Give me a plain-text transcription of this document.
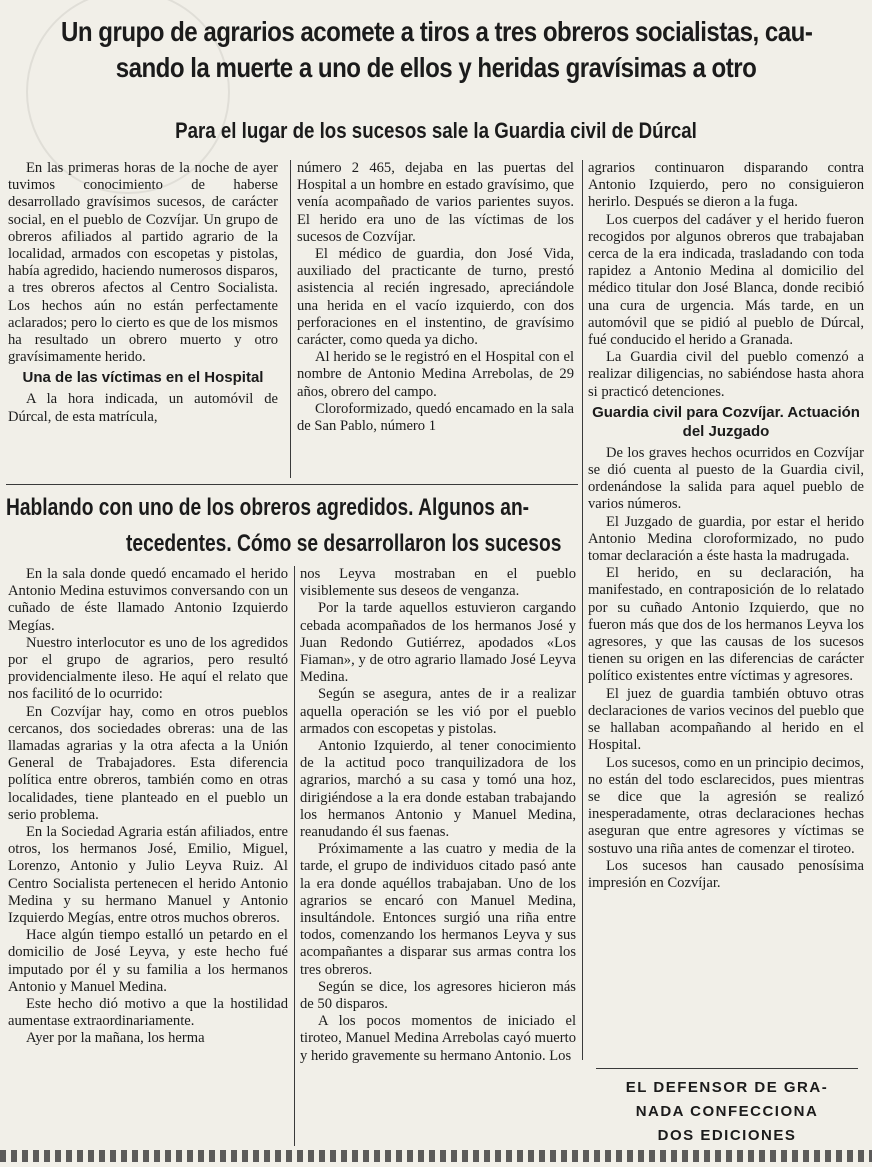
Un grupo de agrarios acomete a tiros a tres obreros socialistas, cau-
sando la muerte a uno de ellos y heridas gravísimas a otro
Para el lugar de los sucesos sale la Guardia civil de Dúrcal

En las primeras horas de la noche de ayer tuvimos conocimiento de haberse desarrollado gravísimos sucesos, de carácter social, en el pueblo de Cozvíjar. Un grupo de obreros afiliados al partido agrario de la localidad, armados con escopetas y pistolas, había agredido, haciendo numerosos disparos, a tres obreros afectos al Centro Socialista. Los hechos aún no están perfectamente aclarados; pero lo cierto es que de los mismos ha resultado un obrero muerto y otro gravísimamente herido.

Una de las víctimas en el Hospital

A la hora indicada, un automóvil de Dúrcal, de esta matrícula,

número 2 465, dejaba en las puertas del Hospital a un hombre en estado gravísimo, que venía acompañado de varios parientes suyos. El herido era uno de las víctimas de los sucesos de Cozvíjar.

El médico de guardia, don José Vida, auxiliado del practicante de turno, prestó asistencia al recién ingresado, apreciándole una herida en el vacío izquierdo, con dos perforaciones en el instentino, de gravísimo carácter, como queda ya dicho.

Al herido se le registró en el Hospital con el nombre de Antonio Medina Arrebolas, de 29 años, obrero del campo.

Cloroformizado, quedó encamado en la sala de San Pablo, número 1

agrarios continuaron disparando contra Antonio Izquierdo, pero no consiguieron herirlo. Después se dieron a la fuga.

Los cuerpos del cadáver y el herido fueron recogidos por algunos obreros que trabajaban cerca de la era indicada, trasladando con toda rapidez a Antonio Medina al domicilio del médico titular don José Blanca, donde recibió una cura de urgencia. Más tarde, en un automóvil que se pidió al pueblo de Dúrcal, fué conducido el herido a Granada.

La Guardia civil del pueblo comenzó a realizar diligencias, no sabiéndose hasta ahora si practicó detenciones.

Guardia civil para Cozvíjar. Actuación del Juzgado

De los graves hechos ocurridos en Cozvíjar se dió cuenta al puesto de la Guardia civil, ordenándose la salida para aquel pueblo de varios números.

El Juzgado de guardia, por estar el herido Antonio Medina cloroformizado, no pudo tomar declaración a éste hasta la madrugada.

El herido, en su declaración, ha manifestado, en contraposición de lo relatado por su cuñado Antonio Izquierdo, que no fueron más que dos de los hermanos Leyva los agresores, y que las causas de los sucesos tienen su origen en las diferencias de carácter político existentes entre víctimas y agresores.

El juez de guardia también obtuvo otras declaraciones de varios vecinos del pueblo que se hallaban acompañando al herido en el Hospital.

Los sucesos, como en un principio decimos, no están del todo esclarecidos, pues mientras se dice que la agresión se realizó inesperadamente, otras declaraciones hechas aseguran que entre agresores y víctimas se sostuvo una riña antes de comenzar el tiroteo.

Los sucesos han causado penosísima impresión en Cozvíjar.

Hablando con uno de los obreros agredidos. Algunos an-
tecedentes. Cómo se desarrollaron los sucesos

En la sala donde quedó encamado el herido Antonio Medina estuvimos conversando con un cuñado de éste llamado Antonio Izquierdo Megías.

Nuestro interlocutor es uno de los agredidos por el grupo de agrarios, pero resultó providencialmente ileso. He aquí el relato que nos facilitó de lo ocurrido:

En Cozvíjar hay, como en otros pueblos cercanos, dos sociedades obreras: una de las llamadas agrarias y la otra afecta a la Unión General de Trabajadores. Esta diferencia política entre obreros, también como en otras localidades, tiene planteado en el pueblo un serio problema.

En la Sociedad Agraria están afiliados, entre otros, los hermanos José, Emilio, Miguel, Lorenzo, Antonio y Julio Leyva Ruiz. Al Centro Socialista pertenecen el herido Antonio Medina y su hermano Manuel y Antonio Izquierdo Megías, entre otros muchos obreros.

Hace algún tiempo estalló un petardo en el domicilio de José Leyva, y este hecho fué imputado por él y su familia a los hermanos Antonio y Manuel Medina.

Este hecho dió motivo a que la hostilidad aumentase extraordinariamente.

Ayer por la mañana, los herma

nos Leyva mostraban en el pueblo visiblemente sus deseos de venganza.

Por la tarde aquellos estuvieron cargando cebada acompañados de los hermanos José y Juan Redondo Gutiérrez, apodados «Los Fiaman», y de otro agrario llamado José Leyva Medina.

Según se asegura, antes de ir a realizar aquella operación se les vió por el pueblo armados con escopetas y pistolas.

Antonio Izquierdo, al tener conocimiento de la actitud poco tranquilizadora de los agrarios, marchó a su casa y tomó una hoz, dirigiéndose a la era donde estaban trabajando los hermanos Antonio y Manuel Medina, reanudando él sus faenas.

Próximamente a las cuatro y media de la tarde, el grupo de individuos citado pasó ante la era donde aquéllos trabajaban. Uno de los agrarios se encaró con Manuel Medina, insultándole. Entonces surgió una riña entre todos, comenzando los hermanos Leyva y sus acompañantes a disparar sus armas contra los tres obreros.

Según se dice, los agresores hicieron más de 50 disparos.

A los pocos momentos de iniciado el tiroteo, Manuel Medina Arrebolas cayó muerto y herido gravemente su hermano Antonio. Los

EL DEFENSOR DE GRA-
NADA CONFECCIONA
DOS EDICIONES
